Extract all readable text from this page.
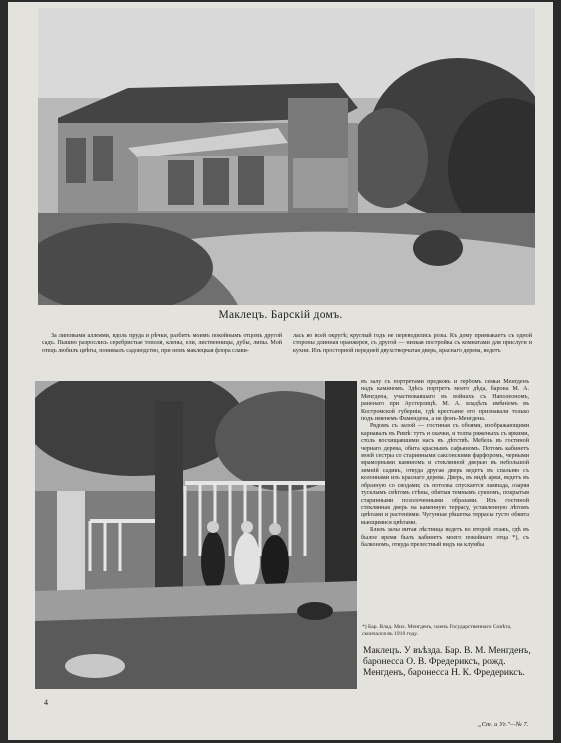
Маклецъ. Барскій домъ.

За липовыми аллеями, вдоль пруда и рѣчки, разбитъ моимъ покойнымъ отцомъ другой садъ. Пышно разрослись серебристые тополя, клены, ели, лиственницы, дубы, липы. Мой отецъ любилъ цвѣты, понималъ садоводство, при немъ маклецкая флора слави-

лась во всей округѣ; круглый годъ не переводились розы. Къ дому примыкаетъ съ одной стороны длинная оранжерея, съ другой — низкая постройка съ комнатами для прислуги и кухни. Изъ просторной передней двухстворчатая дверь, краснаго дерева, ведетъ

въ залу съ портретами предковъ и гербомъ семьи Менгденъ надъ каминомъ. Здѣсь портретъ моего дѣда, барона М. А. Менгдена, участвовавшаго въ войнахъ съ Наполеономъ, раненаго при Аустерлицѣ. М. А. владѣлъ имѣніемъ въ Костромской губерніи, гдѣ крестьяне его признавали только подъ именемъ Фамендена, а не фонъ-Менгдена.

Рядомъ съ залой — гостиная съ обоями, изображающими карнавалъ въ Римѣ: тутъ и скачки, и толпа ряженыхъ съ яркими, столь восхищавшими насъ въ дѣтствѣ. Мебель въ гостиной чернаго дерева, обита краснымъ сафьяномъ. Потомъ кабинетъ моей сестры со старинными саксонскими фарфоромъ, черными мраморными каминомъ и стеклянной дверью въ небольшой зимній садикъ, откуда другая дверь ведетъ въ спальню съ колоннами изъ краснаго дерева. Дверь, въ видѣ арки, ведетъ въ образную со сводами; съ потолка спускается лампада, озаряя тусклымъ свѣтомъ стѣны, обитыя темнымъ сукномъ, покрытыя старинными позолоченными образами. Изъ гостиной стеклянная дверь на каменную террасу, уставленную лѣтомъ цвѣтами и растеніями. Чугунная рѣшетка террасы густо обвита вьющимися цвѣтами.

Близъ залы витая лѣстница ведетъ во второй этажъ, гдѣ въ былое время былъ кабинетъ моего покойнаго отца *), съ балкономъ, откуда прелестный видъ на клумбы

*) Бар. Влад. Мих. Менгденъ, членъ Государственнаго Совѣта, скончался въ 1910 году.
Маклецъ. У въѣзда. Бар. В. М. Менгденъ, баронесса О. В. Фредериксъ, рожд. Менгденъ, баронесса Н. К. Фредериксъ.
4
„Ст. и Уг."—№ 7.
